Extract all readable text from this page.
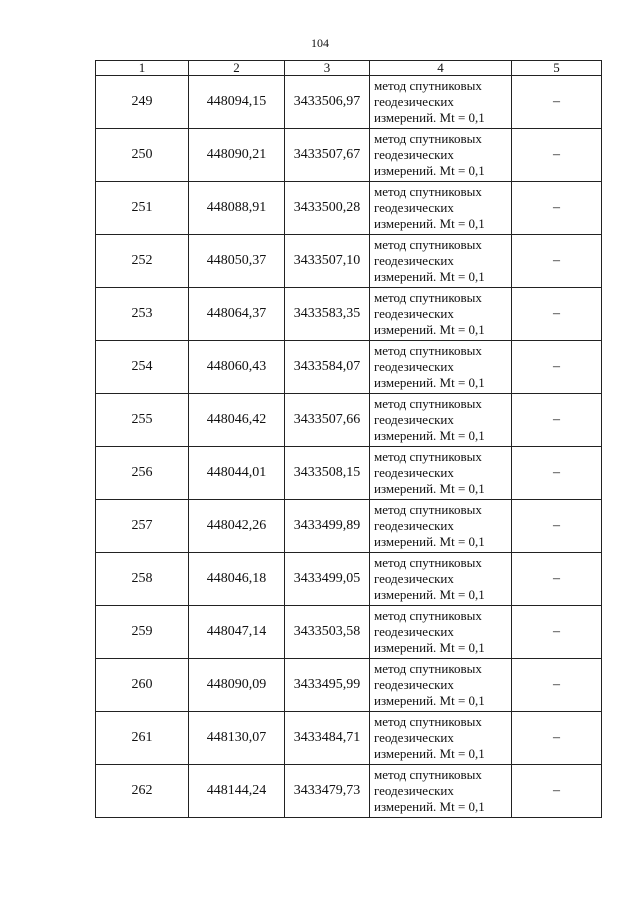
104
1	2	3	4	5
249	448094,15	3433506,97	метод спутниковых
геодезических
измерений. Mt = 0,1	–
250	448090,21	3433507,67	метод спутниковых
геодезических
измерений. Mt = 0,1	–
251	448088,91	3433500,28	метод спутниковых
геодезических
измерений. Mt = 0,1	–
252	448050,37	3433507,10	метод спутниковых
геодезических
измерений. Mt = 0,1	–
253	448064,37	3433583,35	метод спутниковых
геодезических
измерений. Mt = 0,1	–
254	448060,43	3433584,07	метод спутниковых
геодезических
измерений. Mt = 0,1	–
255	448046,42	3433507,66	метод спутниковых
геодезических
измерений. Mt = 0,1	–
256	448044,01	3433508,15	метод спутниковых
геодезических
измерений. Mt = 0,1	–
257	448042,26	3433499,89	метод спутниковых
геодезических
измерений. Mt = 0,1	–
258	448046,18	3433499,05	метод спутниковых
геодезических
измерений. Mt = 0,1	–
259	448047,14	3433503,58	метод спутниковых
геодезических
измерений. Mt = 0,1	–
260	448090,09	3433495,99	метод спутниковых
геодезических
измерений. Mt = 0,1	–
261	448130,07	3433484,71	метод спутниковых
геодезических
измерений. Mt = 0,1	–
262	448144,24	3433479,73	метод спутниковых
геодезических
измерений. Mt = 0,1	–
